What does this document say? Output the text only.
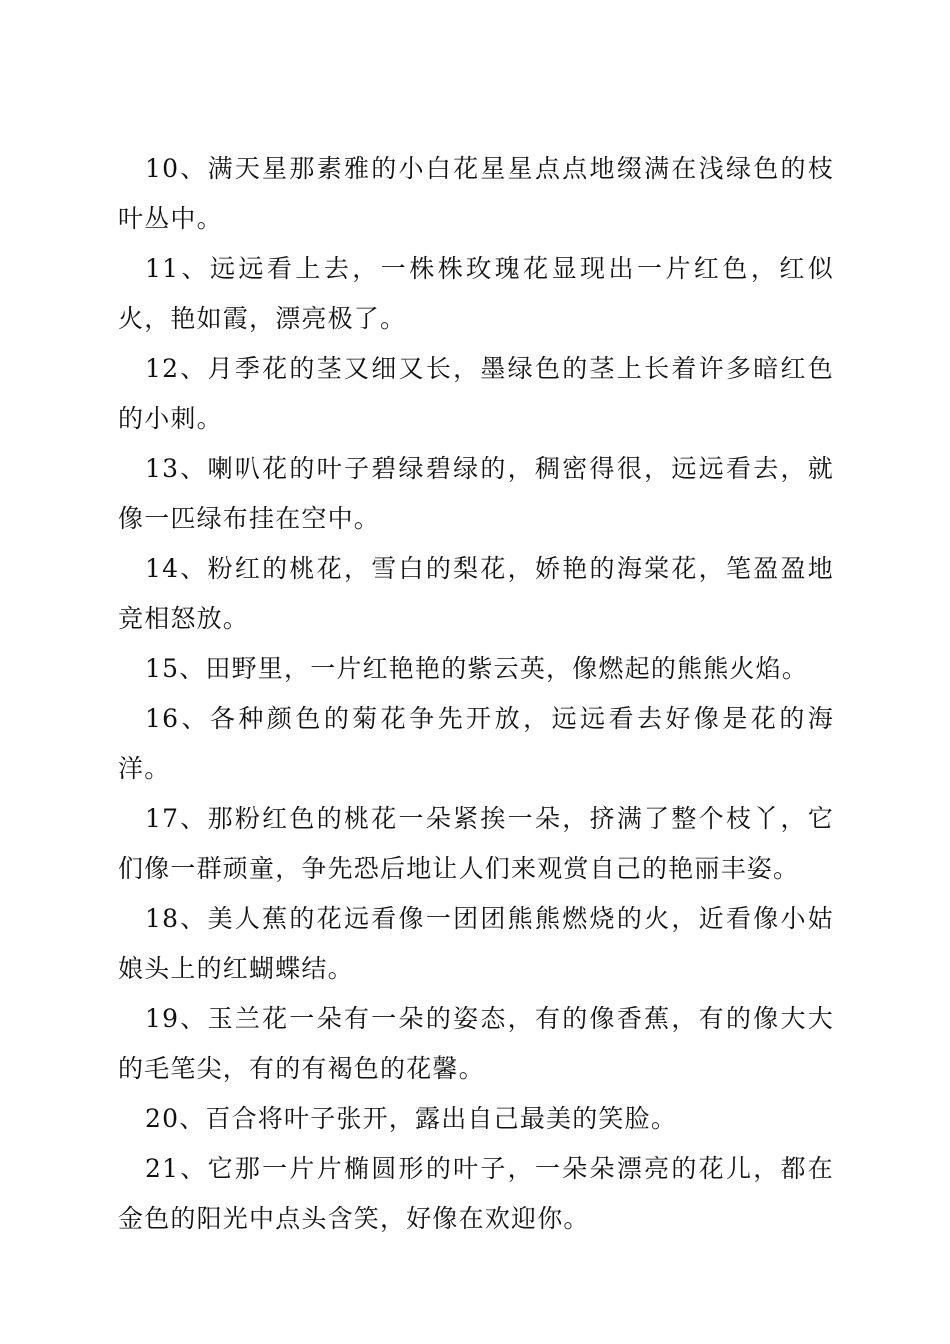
10、满天星那素雅的小白花星星点点地缀满在浅绿色的枝叶丛中。

11、远远看上去，一株株玫瑰花显现出一片红色，红似火，艳如霞，漂亮极了。

12、月季花的茎又细又长，墨绿色的茎上长着许多暗红色的小刺。

13、喇叭花的叶子碧绿碧绿的，稠密得很，远远看去，就像一匹绿布挂在空中。

14、粉红的桃花，雪白的梨花，娇艳的海棠花，笔盈盈地竞相怒放。

15、田野里，一片红艳艳的紫云英，像燃起的熊熊火焰。

16、各种颜色的菊花争先开放，远远看去好像是花的海洋。

17、那粉红色的桃花一朵紧挨一朵，挤满了整个枝丫，它们像一群顽童，争先恐后地让人们来观赏自己的艳丽丰姿。

18、美人蕉的花远看像一团团熊熊燃烧的火，近看像小姑娘头上的红蝴蝶结。

19、玉兰花一朵有一朵的姿态，有的像香蕉，有的像大大的毛笔尖，有的有褐色的花馨。

20、百合将叶子张开，露出自己最美的笑脸。

21、它那一片片椭圆形的叶子，一朵朵漂亮的花儿，都在金色的阳光中点头含笑，好像在欢迎你。
